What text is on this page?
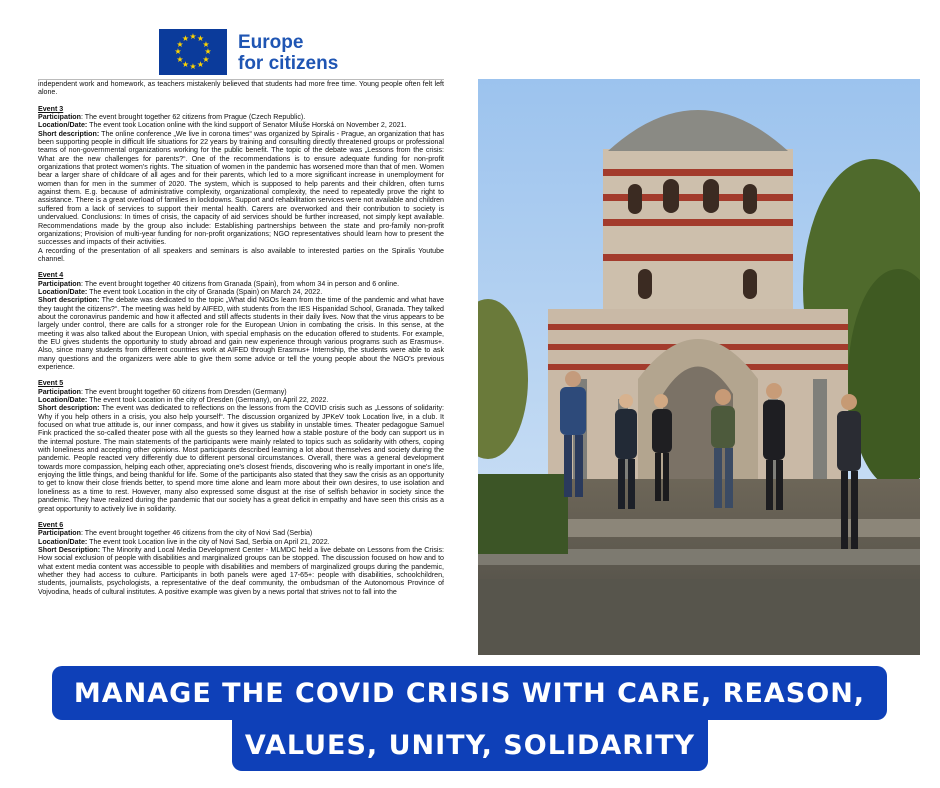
★ ★
★
★
★
★
★
★
★
★
★
★	Europe
for citizens

independent work and homework, as teachers mistakenly believed that students had more free time. Young people often felt left alone.

Event 3

Participation: The event brought together 62 citizens from Prague (Czech Republic).

Location/Date: The event took Location online with the kind support of Senator Miluše Horská on November 2, 2021.

Short description: The online conference „We live in corona times“ was organized by Spiralis - Prague, an organization that has been supporting people in difficult life situations for 22 years by training and consulting directly threatened groups or professional teams of non-governmental organizations working for the public benefit. The topic of the debate was „Lessons from the crisis: What are the new challenges for parents?“. One of the recommendations is to ensure adequate funding for non-profit organizations that protect women's rights. The situation of women in the pandemic has worsened more than that of men. Women bear a larger share of childcare of all ages and for their parents, which led to a more significant increase in unemployment for women than for men in the summer of 2020. The system, which is supposed to help parents and their children, often turns against them. E.g. because of administrative complexity, organizational complexity, the need to repeatedly prove the right to assistance. There is a great overload of families in lockdowns. Support and rehabilitation services were not available and children suffered from a lack of services to support their mental health. Carers are overworked and their contribution to society is undervalued. Conclusions: In times of crisis, the capacity of aid services should be further increased, not simply kept available. Recommendations made by the group also include: Establishing partnerships between the state and pro-family non-profit organizations; Provision of multi-year funding for non-profit organizations; NGO representatives should learn how to present the successes and impacts of their activities.

A recording of the presentation of all speakers and seminars is also available to interested parties on the Spiralis Youtube channel.

Event 4

Participation: The event brought together 40 citizens from Granada (Spain), from whom 34 in person and 6 online.

Location/Date: The event took Location in the city of Granada (Spain) on March 24, 2022.

Short description: The debate was dedicated to the topic „What did NGOs learn from the time of the pandemic and what have they taught the citizens?“. The meeting was held by AIFED, with students from the IES Hispanidad School, Granada. They talked about the coronavirus pandemic and how it affected and still affects students in their daily lives. Now that the virus appears to be largely under control, there are calls for a stronger role for the European Union in combating the crisis. In this sense, at the meeting it was also talked about the European Union, with special emphasis on the education offered to students. For example, the EU gives students the opportunity to study abroad and gain new experience through various programs such as Erasmus+. Also, since many students from different countries work at AIFED through Erasmus+ Internship, the students were able to ask many questions and the organizers were able to give them some advice or tell the young people about the NGO's previous experience.

Event 5

Participation: The event brought together 60 citizens from Dresden (Germany)

Location/Date: The event took Location in the city of Dresden (Germany), on April 22, 2022.

Short description: The event was dedicated to reflections on the lessons from the COVID crisis such as „Lessons of solidarity: Why if you help others in a crisis, you also help yourself“. The discussion organized by JPKeV took Location live, in a club. It focused on what true attitude is, our inner compass, and how it gives us stability in unstable times. Theater pedagogue Samuel Fink practiced the so-called theater pose with all the guests so they learned how a stable posture of the body can support us in the internal posture. The main statements of the participants were mainly related to topics such as solidarity with others, coping with loneliness and accepting other opinions. Most participants described learning a lot about themselves and society during the pandemic. People reacted very differently due to different personal circumstances. Overall, there was a general development towards more compassion, helping each other, appreciating one's closest friends, discovering who is really important in one's life, enjoying the little things, and being thankful for life. Some of the participants also stated that they saw the crisis as an opportunity to get to know their close friends better, to spend more time alone and learn more about their own desires, to use isolation and loneliness as a time to rest. However, many also expressed some disgust at the rise of selfish behavior in society since the pandemic. They have realized during the pandemic that our society has a great deficit in empathy and have seen this crisis as a great opportunity to actively live in solidarity.

Event 6

Participation: The event brought together 46 citizens from the city of Novi Sad (Serbia)

Location/Date: The event took Location live in the city of Novi Sad, Serbia on April 21, 2022.

Short Description: The Minority and Local Media Development Center - MLMDC held a live debate on Lessons from the Crisis: How social exclusion of people with disabilities and marginalized groups can be stopped. The discussion focused on how and to what extent media content was accessible to people with disabilities and members of marginalized groups during the pandemic, whether they had access to culture. Participants in both panels were aged 17-65+: people with disabilities, schoolchildren, students, journalists, psychologists, a representative of the deaf community, the ombudsman of the Autonomous Province of Vojvodina, heads of cultural institutes. A positive example was given by a news portal that strives not to fall into the

MANAGE THE COVID CRISIS WITH CARE, REASON,
VALUES, UNITY, SOLIDARITY
